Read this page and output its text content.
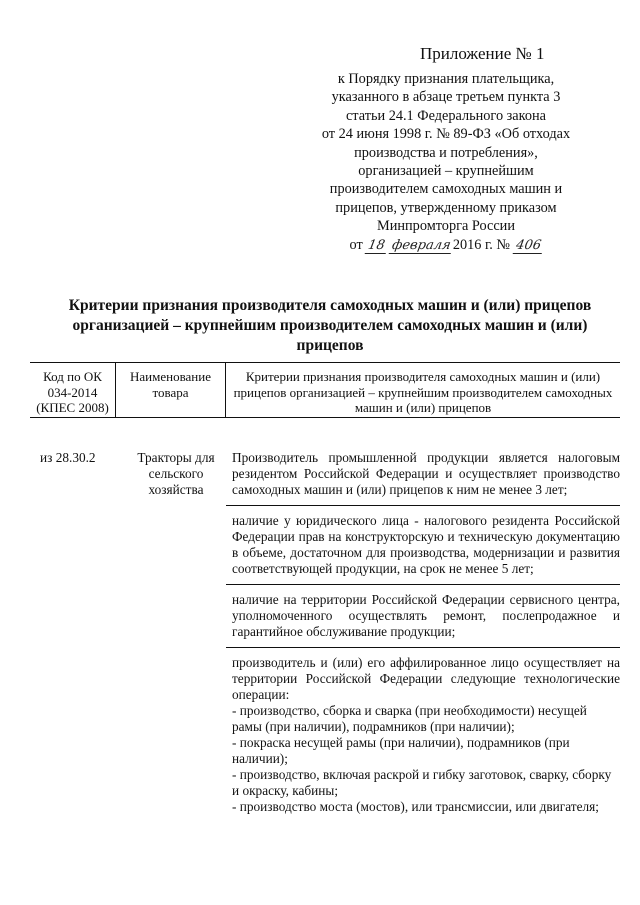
Приложение № 1
к Порядку признания плательщика,
указанного в абзаце третьем пункта 3
статьи 24.1 Федерального закона
от 24 июня 1998 г. № 89-ФЗ «Об отходах
производства и потребления»,
организацией – крупнейшим
производителем самоходных машин и
прицепов, утвержденному приказом
Минпромторга России
от 18 февраля2016 г. № 406
Критерии признания производителя самоходных машин и (или) прицепов организацией – крупнейшим производителем самоходных машин и (или) прицепов
Код по ОК 034-2014 (КПЕС 2008)
Наименование товара
Критерии признания производителя самоходных машин и (или) прицепов организацией – крупнейшим производителем самоходных машин и (или) прицепов
из 28.30.2	Тракторы для сельского хозяйства

Производитель промышленной продукции является налоговым резидентом Российской Федерации и осуществляет производство самоходных машин и (или) прицепов к ним не менее 3 лет;

наличие у юридического лица - налогового резидента Российской Федерации прав на конструкторскую и техническую документацию в объеме, достаточном для производства, модернизации и развития соответствующей продукции, на срок не менее 5 лет;

наличие на территории Российской Федерации сервисного центра, уполномоченного осуществлять ремонт, послепродажное и гарантийное обслуживание продукции;

производитель и (или) его аффилированное лицо осуществляет на территории Российской Федерации следующие технологические операции:

- производство, сборка и сварка (при необходимости) несущей рамы (при наличии), подрамников (при наличии);

- покраска несущей рамы (при наличии), подрамников (при наличии);

- производство, включая раскрой и гибку заготовок, сварку, сборку и окраску, кабины;

- производство моста (мостов), или трансмиссии, или двигателя;
